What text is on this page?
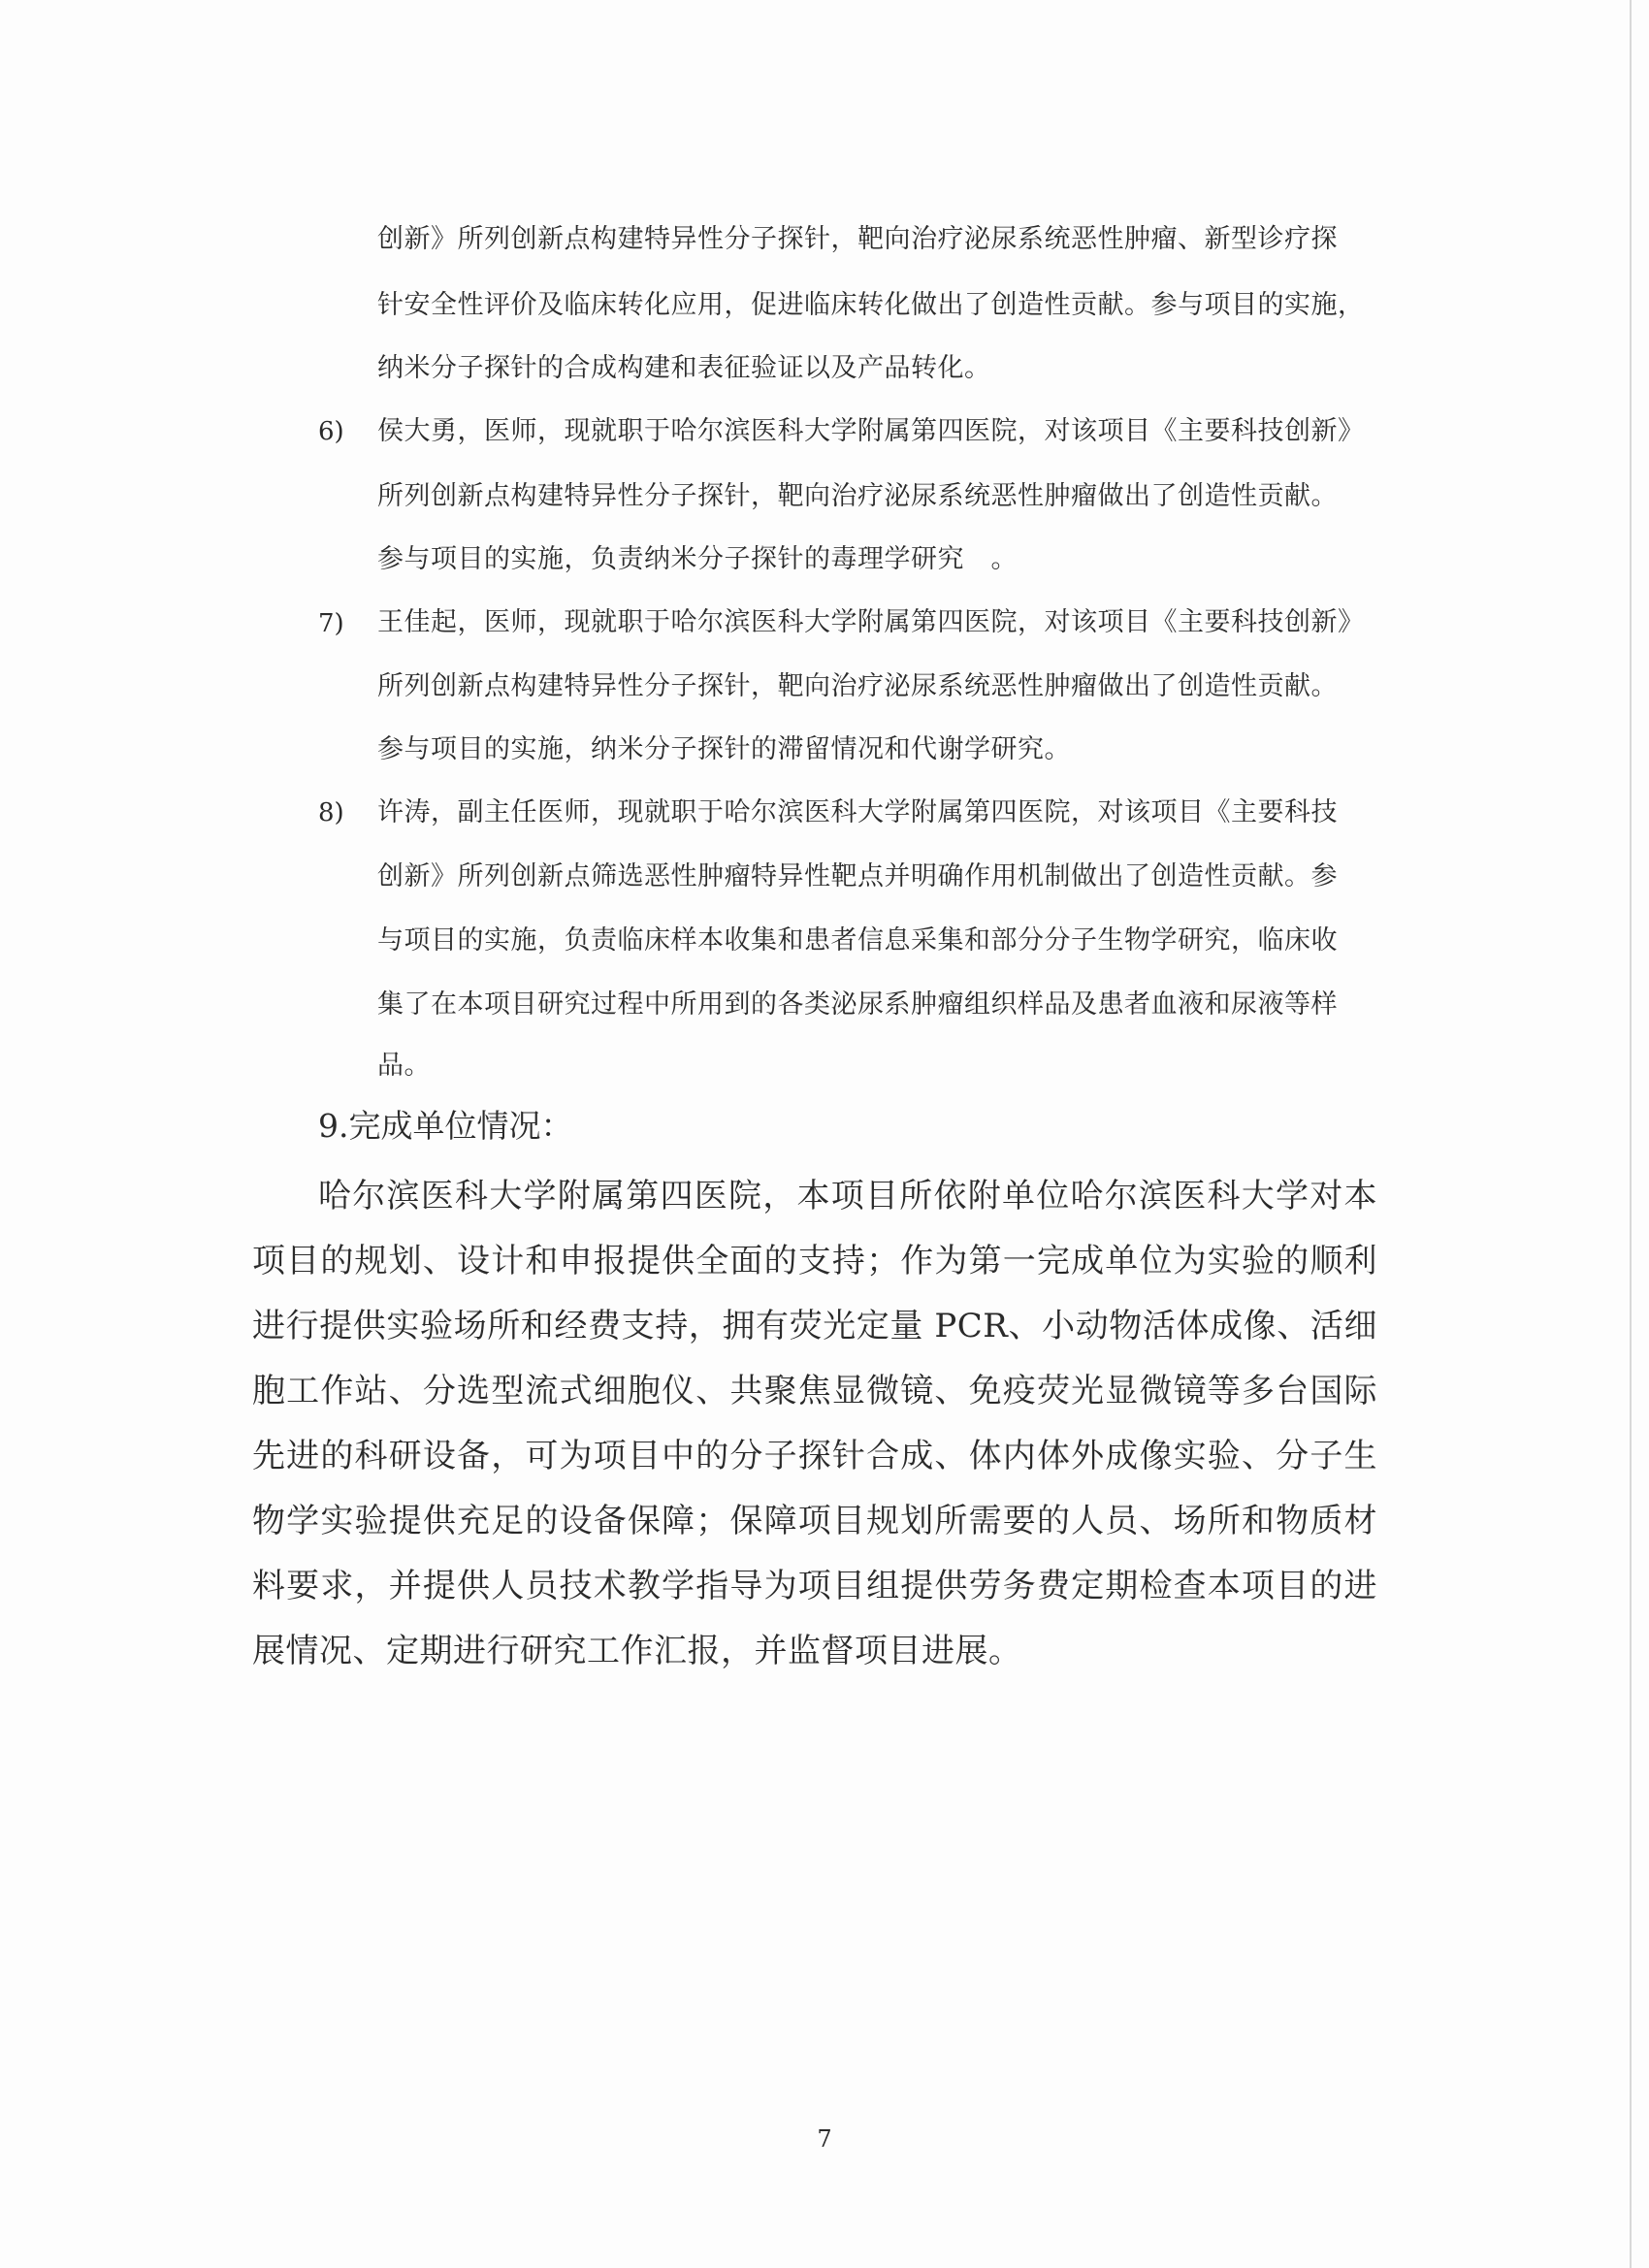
创新》所列创新点构建特异性分子探针，靶向治疗泌尿系统恶性肿瘤、新型诊疗探
针安全性评价及临床转化应用，促进临床转化做出了创造性贡献。参与项目的实施，
纳米分子探针的合成构建和表征验证以及产品转化。
6) 侯大勇，医师，现就职于哈尔滨医科大学附属第四医院，对该项目《主要科技创新》
所列创新点构建特异性分子探针，靶向治疗泌尿系统恶性肿瘤做出了创造性贡献。
参与项目的实施，负责纳米分子探针的毒理学研究　。
7) 王佳起，医师，现就职于哈尔滨医科大学附属第四医院，对该项目《主要科技创新》
所列创新点构建特异性分子探针，靶向治疗泌尿系统恶性肿瘤做出了创造性贡献。
参与项目的实施，纳米分子探针的滞留情况和代谢学研究。
8) 许涛，副主任医师，现就职于哈尔滨医科大学附属第四医院，对该项目《主要科技
创新》所列创新点筛选恶性肿瘤特异性靶点并明确作用机制做出了创造性贡献。参
与项目的实施，负责临床样本收集和患者信息采集和部分分子生物学研究，临床收
集了在本项目研究过程中所用到的各类泌尿系肿瘤组织样品及患者血液和尿液等样
品。
9.完成单位情况：

哈尔滨医科大学附属第四医院，本项目所依附单位哈尔滨医科大学对本项目的规划、设计和申报提供全面的支持；作为第一完成单位为实验的顺利进行提供实验场所和经费支持，拥有荧光定量 PCR、小动物活体成像、活细胞工作站、分选型流式细胞仪、共聚焦显微镜、免疫荧光显微镜等多台国际先进的科研设备，可为项目中的分子探针合成、体内体外成像实验、分子生物学实验提供充足的设备保障；保障项目规划所需要的人员、场所和物质材料要求，并提供人员技术教学指导为项目组提供劳务费定期检查本项目的进展情况、定期进行研究工作汇报，并监督项目进展。

7
